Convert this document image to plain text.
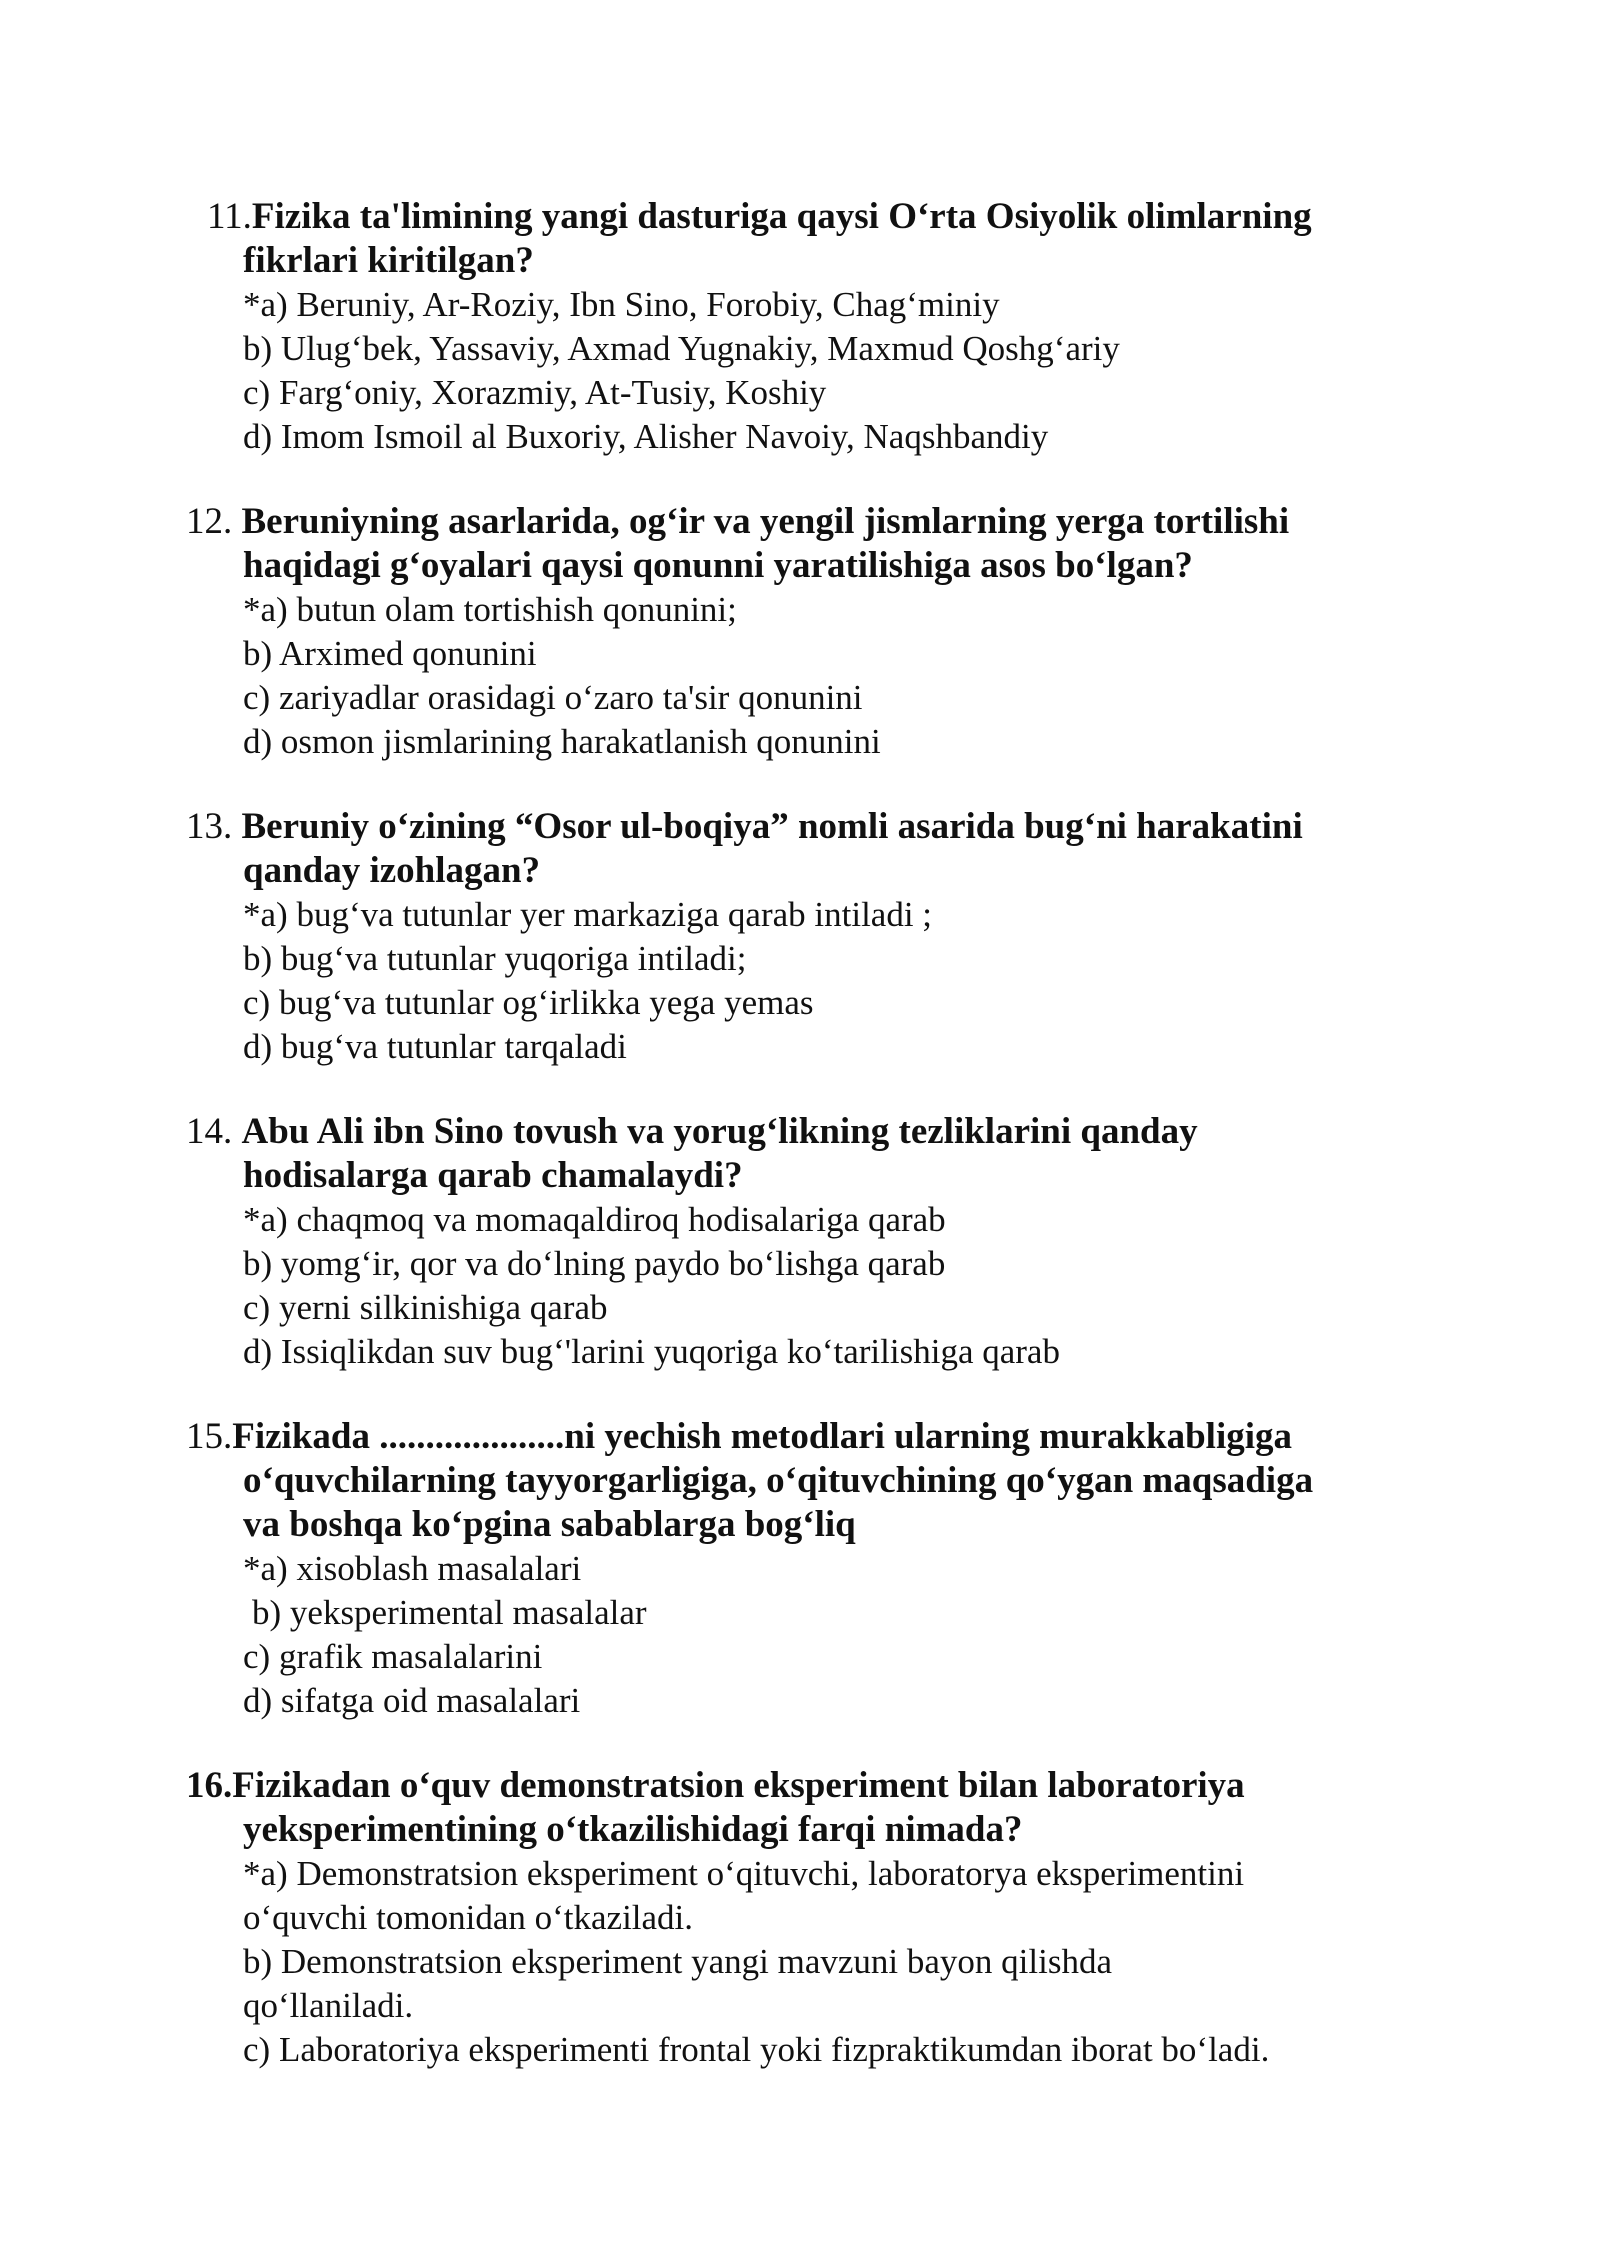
11.Fizika ta'limining yangi dasturiga qaysi O‘rta Osiyolik olimlarning
fikrlari kiritilgan?
*a) Beruniy, Ar-Roziy, Ibn Sino, Forobiy, Chag‘miniy
b) Ulug‘bek, Yassaviy, Axmad Yugnakiy, Maxmud Qoshg‘ariy
c) Farg‘oniy, Xorazmiy, At-Tusiy, Koshiy
d) Imom Ismoil al Buxoriy, Alisher Navoiy, Naqshbandiy
12. Beruniyning asarlarida, og‘ir va yengil jismlarning yerga tortilishi
haqidagi g‘oyalari qaysi qonunni yaratilishiga asos bo‘lgan?
*a) butun olam tortishish qonunini;
b) Arximed qonunini
c) zariyadlar orasidagi o‘zaro ta'sir qonunini
d) osmon jismlarining harakatlanish qonunini
13. Beruniy o‘zining “Osor ul-boqiya” nomli asarida bug‘ni harakatini
qanday izohlagan?
*a) bug‘va tutunlar yer markaziga qarab intiladi ;
b) bug‘va tutunlar yuqoriga intiladi;
c) bug‘va tutunlar og‘irlikka yega yemas
d) bug‘va tutunlar tarqaladi
14. Abu Ali ibn Sino tovush va yorug‘likning tezliklarini qanday
hodisalarga qarab chamalaydi?
*a) chaqmoq va momaqaldiroq hodisalariga qarab
b) yomg‘ir, qor va do‘lning paydo bo‘lishga qarab
c) yerni silkinishiga qarab
d) Issiqlikdan suv bug‘'larini yuqoriga ko‘tarilishiga qarab
15.Fizikada ....................ni yechish metodlari ularning murakkabligiga
o‘quvchilarning tayyorgarligiga, o‘qituvchining qo‘ygan maqsadiga
va boshqa ko‘pgina sabablarga bog‘liq
*a) xisoblash masalalari
b) yeksperimental masalalar
c) grafik masalalarini
d) sifatga oid masalalari
16.Fizikadan o‘quv demonstratsion eksperiment bilan laboratoriya
yeksperimentining o‘tkazilishidagi farqi nimada?
*a) Demonstratsion eksperiment o‘qituvchi, laboratorya eksperimentini
o‘quvchi tomonidan o‘tkaziladi.
b) Demonstratsion eksperiment yangi mavzuni bayon qilishda
qo‘llaniladi.
c) Laboratoriya eksperimenti frontal yoki fizpraktikumdan iborat bo‘ladi.
